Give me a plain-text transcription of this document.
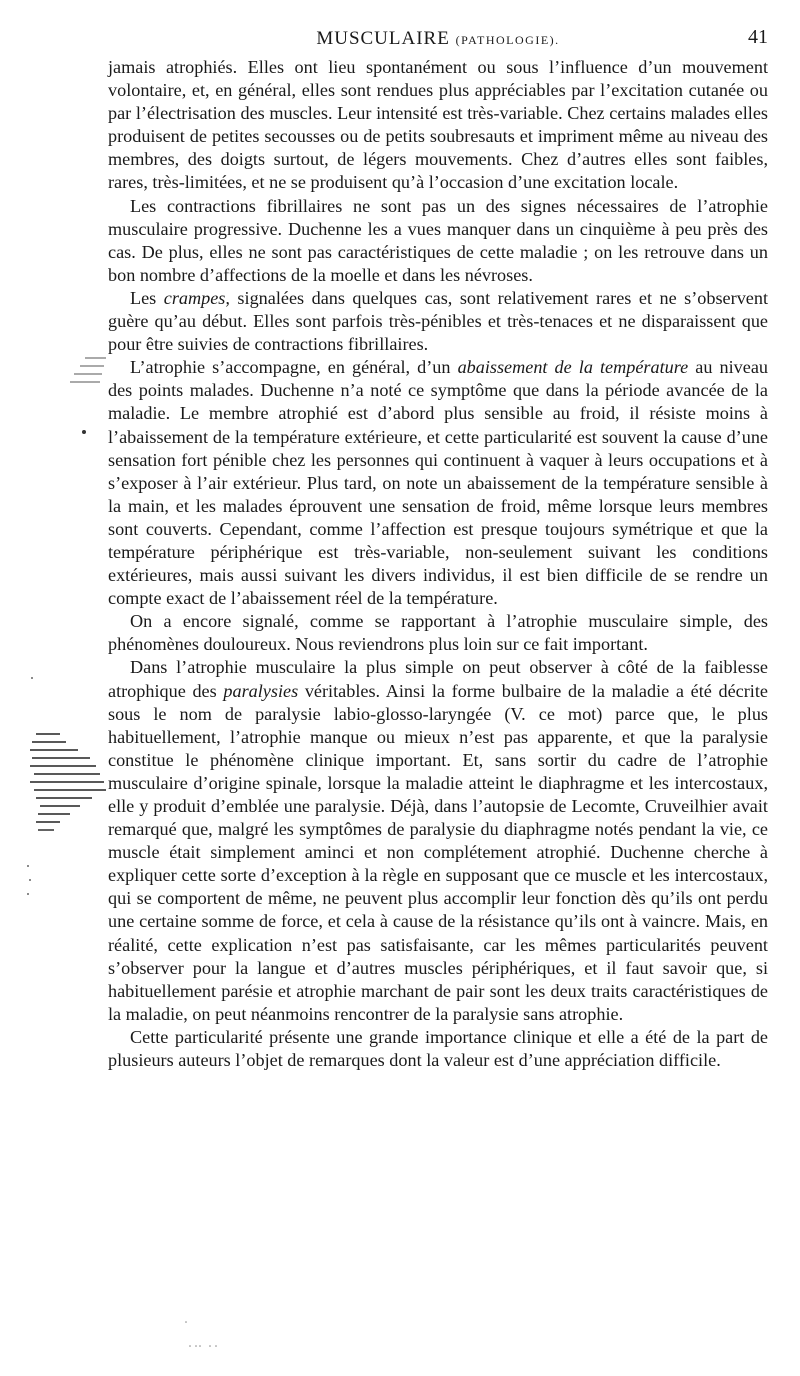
MUSCULAIRE (PATHOLOGIE).	41

jamais atrophiés. Elles ont lieu spontanément ou sous l’influence d’un mouvement volontaire, et, en général, elles sont rendues plus appréciables par l’excitation cutanée ou par l’électrisation des muscles. Leur intensité est très-variable. Chez certains malades elles produisent de petites secousses ou de petits soubresauts et impriment même au niveau des membres, des doigts surtout, de légers mouvements. Chez d’autres elles sont faibles, rares, très-limitées, et ne se produisent qu’à l’occasion d’une excitation locale.

Les contractions fibrillaires ne sont pas un des signes nécessaires de l’atrophie musculaire progressive. Duchenne les a vues manquer dans un cinquième à peu près des cas. De plus, elles ne sont pas caractéristiques de cette maladie ; on les retrouve dans un bon nombre d’affections de la moelle et dans les névroses.

Les crampes, signalées dans quelques cas, sont relativement rares et ne s’observent guère qu’au début. Elles sont parfois très-pénibles et très-tenaces et ne disparaissent que pour être suivies de contractions fibrillaires.

L’atrophie s’accompagne, en général, d’un abaissement de la température au niveau des points malades. Duchenne n’a noté ce symptôme que dans la période avancée de la maladie. Le membre atrophié est d’abord plus sensible au froid, il résiste moins à l’abaissement de la température extérieure, et cette particularité est souvent la cause d’une sensation fort pénible chez les personnes qui continuent à vaquer à leurs occupations et à s’exposer à l’air extérieur. Plus tard, on note un abaissement de la température sensible à la main, et les malades éprouvent une sensation de froid, même lorsque leurs membres sont couverts. Cependant, comme l’affection est presque toujours symétrique et que la température périphérique est très-variable, non-seulement suivant les conditions extérieures, mais aussi suivant les divers individus, il est bien difficile de se rendre un compte exact de l’abaissement réel de la température.

On a encore signalé, comme se rapportant à l’atrophie musculaire simple, des phénomènes douloureux. Nous reviendrons plus loin sur ce fait important.

Dans l’atrophie musculaire la plus simple on peut observer à côté de la faiblesse atrophique des paralysies véritables. Ainsi la forme bulbaire de la maladie a été décrite sous le nom de paralysie labio-glosso-laryngée (V. ce mot) parce que, le plus habituellement, l’atrophie manque ou mieux n’est pas apparente, et que la paralysie constitue le phénomène clinique important. Et, sans sortir du cadre de l’atrophie musculaire d’origine spinale, lorsque la maladie atteint le diaphragme et les intercostaux, elle y produit d’emblée une paralysie. Déjà, dans l’autopsie de Lecomte, Cruveilhier avait remarqué que, malgré les symptômes de paralysie du diaphragme notés pendant la vie, ce muscle était simplement aminci et non complétement atrophié. Duchenne cherche à expliquer cette sorte d’exception à la règle en supposant que ce muscle et les intercostaux, qui se comportent de même, ne peuvent plus accomplir leur fonction dès qu’ils ont perdu une certaine somme de force, et cela à cause de la résistance qu’ils ont à vaincre. Mais, en réalité, cette explication n’est pas satisfaisante, car les mêmes particularités peuvent s’observer pour la langue et d’autres muscles périphériques, et il faut savoir que, si habituellement parésie et atrophie marchant de pair sont les deux traits caractéristiques de la maladie, on peut néanmoins rencontrer de la paralysie sans atrophie.

Cette particularité présente une grande importance clinique et elle a été de la part de plusieurs auteurs l’objet de remarques dont la valeur est d’une appréciation difficile.
